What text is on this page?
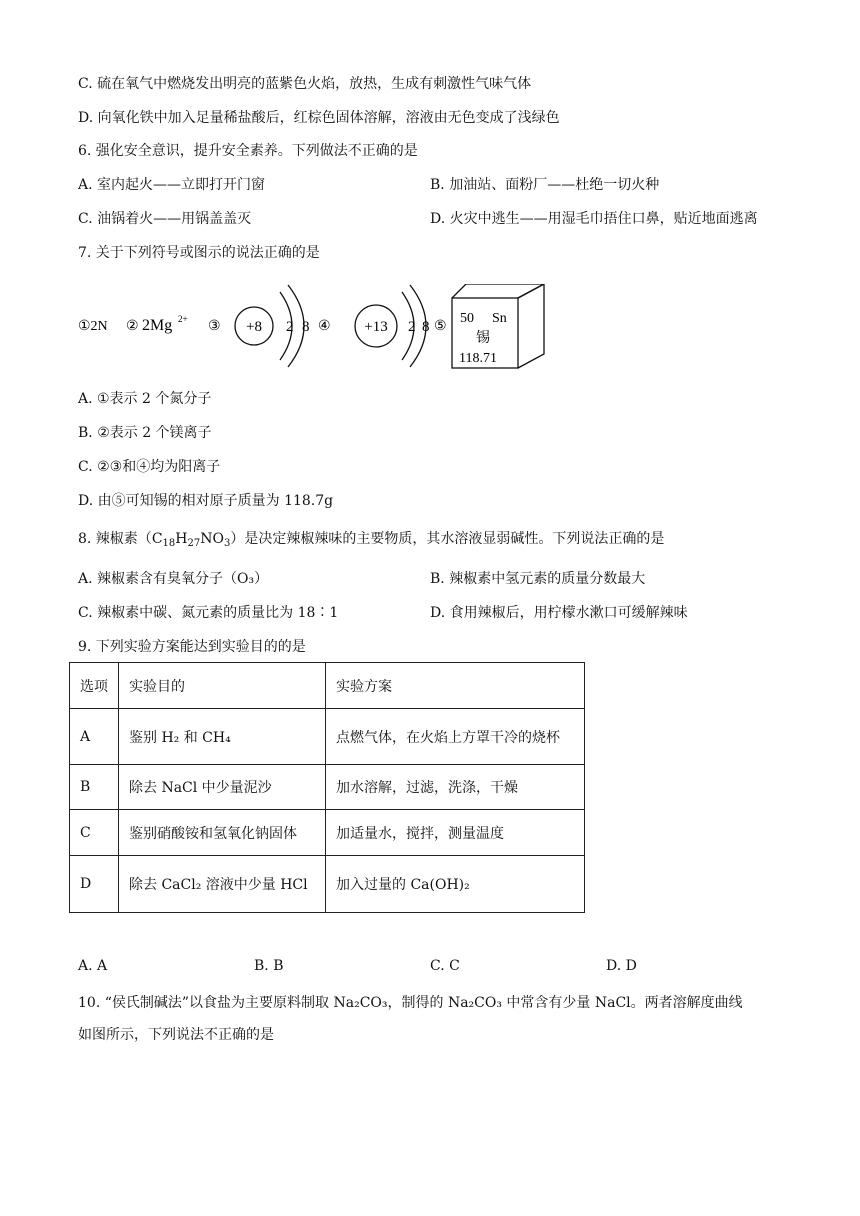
C. 硫在氧气中燃烧发出明亮的蓝紫色火焰，放热，生成有刺激性气味气体
D. 向氧化铁中加入足量稀盐酸后，红棕色固体溶解，溶液由无色变成了浅绿色
6. 强化安全意识，提升安全素养。下列做法不正确的是
A. 室内起火——立即打开门窗	B. 加油站、面粉厂——杜绝一切火种
C. 油锅着火——用锅盖盖灭	D. 火灾中逃生——用湿毛巾捂住口鼻，贴近地面逃离
7. 关于下列符号或图示的说法正确的是
①2N ② 2Mg 2+ ③ +8 2 8 ④ +13 2 8 ⑤
50 Sn
锡
118.71
A. ①表示 2 个氮分子
B. ②表示 2 个镁离子
C. ②③和④均为阳离子
D. 由⑤可知锡的相对原子质量为 118.7g
8. 辣椒素$(C_{18}H_{27}NO_3)$是决定辣椒辣味的主要物质，其水溶液显弱碱性。下列说法正确的是
A. 辣椒素含有臭氧分子（O₃）	B. 辣椒素中氢元素的质量分数最大
C. 辣椒素中碳、氮元素的质量比为 18∶1	D. 食用辣椒后，用柠檬水漱口可缓解辣味
9. 下列实验方案能达到实验目的的是
选项	实验目的	实验方案
A	鉴别 H₂ 和 CH₄	点燃气体，在火焰上方罩干冷的烧杯
B	除去 NaCl 中少量泥沙	加水溶解，过滤，洗涤，干燥
C	鉴别硝酸铵和氢氧化钠固体	加适量水，搅拌，测量温度
D	除去 CaCl₂ 溶液中少量 HCl	加入过量的 Ca(OH)₂
A. A	B. B	C. C	D. D
10. “侯氏制碱法”以食盐为主要原料制取 Na₂CO₃，制得的 Na₂CO₃ 中常含有少量 NaCl。两者溶解度曲线
如图所示，下列说法不正确的是
